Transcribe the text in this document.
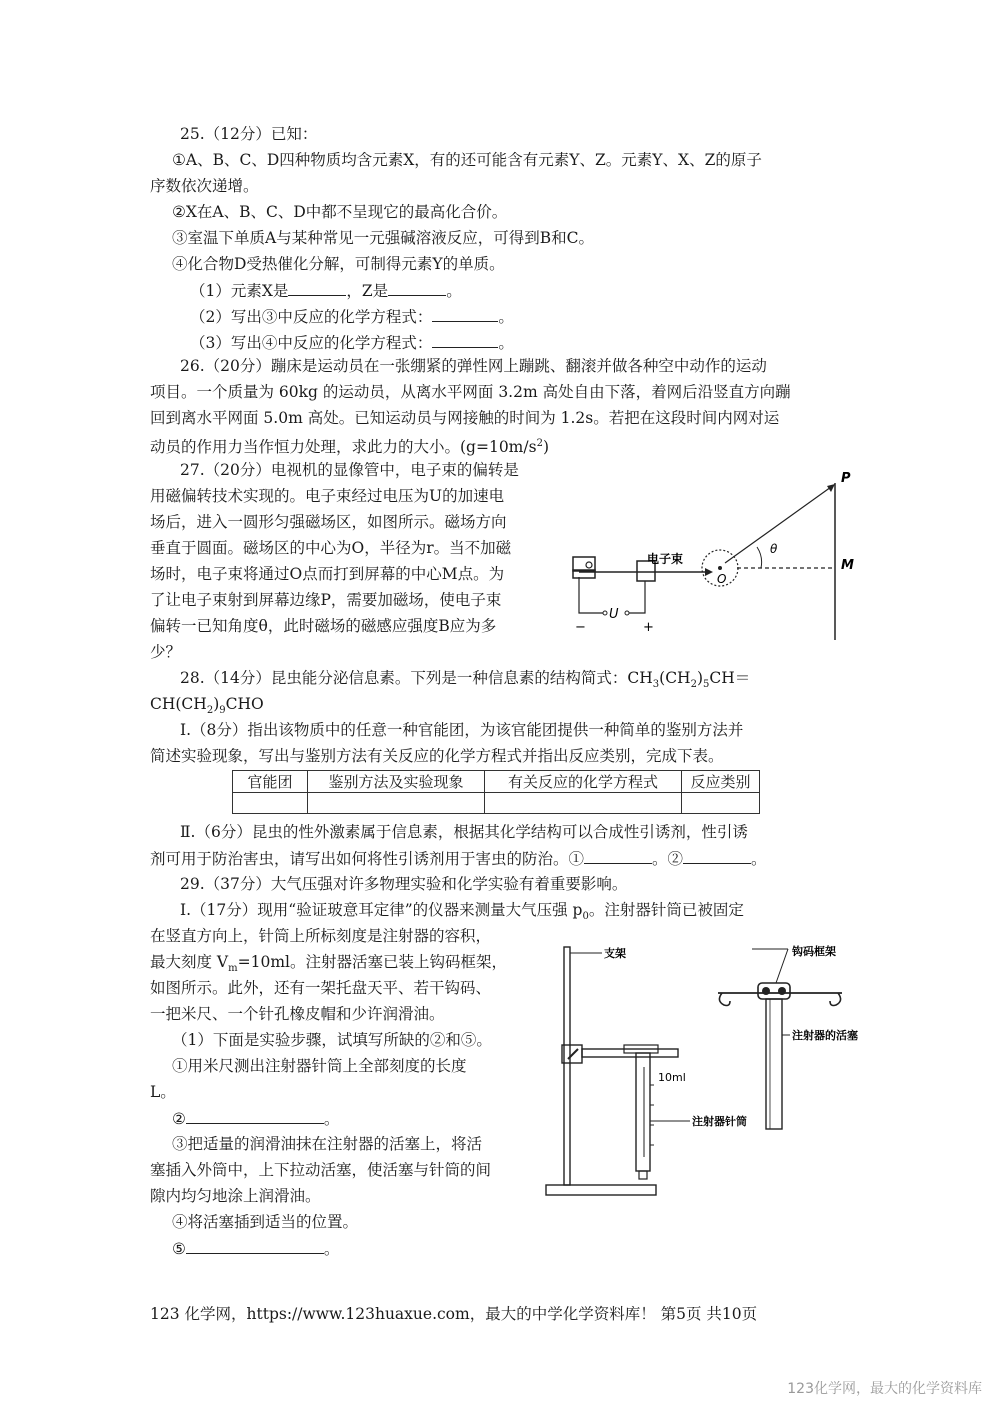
25.（12分）已知：
①A、B、C、D四种物质均含元素X，有的还可能含有元素Y、Z。元素Y、X、Z的原子
序数依次递增。
②X在A、B、C、D中都不呈现它的最高化合价。
③室温下单质A与某种常见一元强碱溶液反应，可得到B和C。
④化合物D受热催化分解，可制得元素Y的单质。
（1）元素X是	，Z是	。
（2）写出③中反应的化学方程式：	。
（3）写出④中反应的化学方程式：	。
26.（20分）蹦床是运动员在一张绷紧的弹性网上蹦跳、翻滚并做各种空中动作的运动
项目。一个质量为 60kg 的运动员，从离水平网面 3.2m 高处自由下落，着网后沿竖直方向蹦
回到离水平网面 5.0m 高处。已知运动员与网接触的时间为 1.2s。若把在这段时间内网对运
动员的作用力当作恒力处理，求此力的大小。$(g=10m/s^2)$
27.（20分）电视机的显像管中，电子束的偏转是
用磁偏转技术实现的。电子束经过电压为U的加速电
场后，进入一圆形匀强磁场区，如图所示。磁场方向
垂直于圆面。磁场区的中心为O，半径为r。当不加磁
场时，电子束将通过O点而打到屏幕的中心M点。为
了让电子束射到屏幕边缘P，需要加磁场，使电子束
偏转一已知角度θ，此时磁场的磁感应强度B应为多
少？
电子束
U
−	+
O
θ
P
M
28.（14分）昆虫能分泌信息素。下列是一种信息素的结构简式：$CH_3(CH_2)_5CH=$
$CH(CH_2)_9CHO$
Ⅰ.（8分）指出该物质中的任意一种官能团，为该官能团提供一种简单的鉴别方法并
简述实验现象，写出与鉴别方法有关反应的化学方程式并指出反应类别，完成下表。
官能团	鉴别方法及实验现象	有关反应的化学方程式	反应类别

Ⅱ.（6分）昆虫的性外激素属于信息素，根据其化学结构可以合成性引诱剂，性引诱
剂可用于防治害虫，请写出如何将性引诱剂用于害虫的防治。①	。②	。
29.（37分）大气压强对许多物理实验和化学实验有着重要影响。
Ⅰ.（17分）现用“验证玻意耳定律”的仪器来测量大气压强 $p_0$。注射器针筒已被固定
在竖直方向上，针筒上所标刻度是注射器的容积，
最大刻度 $V_m=10ml$。注射器活塞已装上钩码框架，
如图所示。此外，还有一架托盘天平、若干钩码、
一把米尺、一个针孔橡皮帽和少许润滑油。
（1）下面是实验步骤，试填写所缺的②和⑤。
①用米尺测出注射器针筒上全部刻度的长度
L。
②	。
③把适量的润滑油抹在注射器的活塞上，将活
塞插入外筒中，上下拉动活塞，使活塞与针筒的间
隙内均匀地涂上润滑油。
④将活塞插到适当的位置。
⑤	。
支架
10ml
注射器针筒
钩码框架
注射器的活塞
123 化学网，https://www.123huaxue.com，最大的中学化学资料库！ 第5页 共10页
123化学网，最大的化学资料库
